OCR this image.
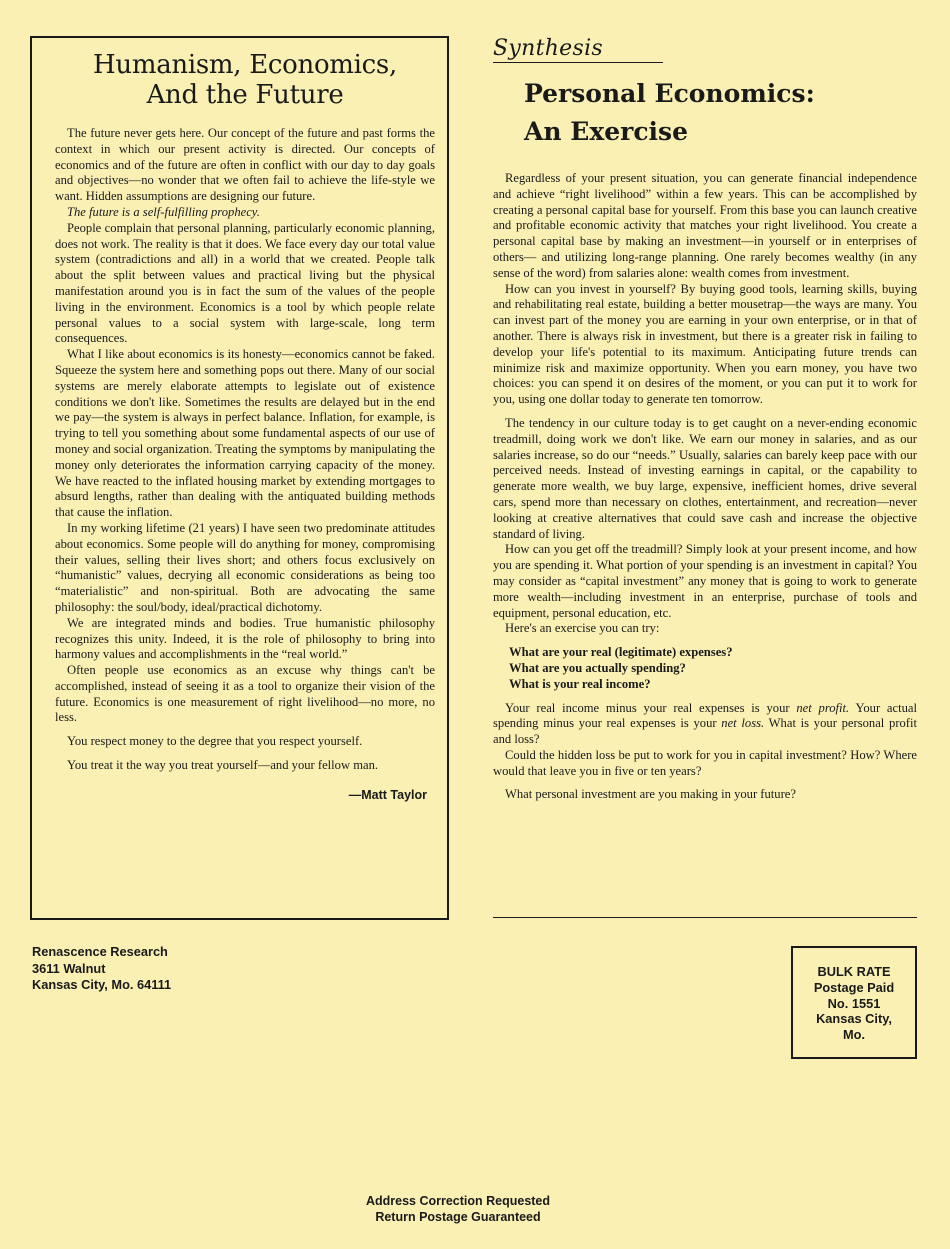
Humanism, Economics,
And the Future

The future never gets here. Our concept of the future and past forms the context in which our present activity is directed. Our concepts of economics and of the future are often in conflict with our day to day goals and objectives—no wonder that we often fail to achieve the life-style we want. Hidden assumptions are designing our future.

The future is a self-fulfilling prophecy.

People complain that personal planning, particularly economic planning, does not work. The reality is that it does. We face every day our total value system (contradictions and all) in a world that we created. People talk about the split between values and practical living but the physical manifestation around you is in fact the sum of the values of the people living in the environment. Economics is a tool by which people relate personal values to a social system with large-scale, long term consequences.

What I like about economics is its honesty—economics cannot be faked. Squeeze the system here and something pops out there. Many of our social systems are merely elaborate attempts to legislate out of existence conditions we don't like. Sometimes the results are delayed but in the end we pay—the system is always in perfect balance. Inflation, for example, is trying to tell you something about some fundamental aspects of our use of money and social organization. Treating the symptoms by manipulating the money only deteriorates the information carrying capacity of the money. We have reacted to the inflated housing market by extending mortgages to absurd lengths, rather than dealing with the antiquated building methods that cause the inflation.

In my working lifetime (21 years) I have seen two predominate attitudes about economics. Some people will do anything for money, compromising their values, selling their lives short; and others focus exclusively on “humanistic” values, decrying all economic considerations as being too “materialistic” and non-spiritual. Both are advocating the same philosophy: the soul/body, ideal/practical dichotomy.

We are integrated minds and bodies. True humanistic philosophy recognizes this unity. Indeed, it is the role of philosophy to bring into harmony values and accomplishments in the “real world.”

Often people use economics as an excuse why things can't be accomplished, instead of seeing it as a tool to organize their vision of the future. Economics is one measurement of right livelihood—no more, no less.

You respect money to the degree that you respect yourself.

You treat it the way you treat yourself—and your fellow man.

—Matt Taylor
Synthesis
Personal Economics:
An Exercise

Regardless of your present situation, you can generate financial independence and achieve “right livelihood” within a few years. This can be accomplished by creating a personal capital base for yourself. From this base you can launch creative and profitable economic activity that matches your right livelihood. You create a personal capital base by making an investment—in yourself or in enterprises of others— and utilizing long-range planning. One rarely becomes wealthy (in any sense of the word) from salaries alone: wealth comes from investment.

How can you invest in yourself? By buying good tools, learning skills, buying and rehabilitating real estate, building a better mousetrap—the ways are many. You can invest part of the money you are earning in your own enterprise, or in that of another. There is always risk in investment, but there is a greater risk in failing to develop your life's potential to its maximum. Anticipating future trends can minimize risk and maximize opportunity. When you earn money, you have two choices: you can spend it on desires of the moment, or you can put it to work for you, using one dollar today to generate ten tomorrow.

The tendency in our culture today is to get caught on a never-ending economic treadmill, doing work we don't like. We earn our money in salaries, and as our salaries increase, so do our “needs.” Usually, salaries can barely keep pace with our perceived needs. Instead of investing earnings in capital, or the capability to generate more wealth, we buy large, expensive, inefficient homes, drive several cars, spend more than necessary on clothes, entertainment, and recreation—never looking at creative alternatives that could save cash and increase the objective standard of living.

How can you get off the treadmill? Simply look at your present income, and how you are spending it. What portion of your spending is an investment in capital? You may consider as “capital investment” any money that is going to work to generate more wealth—including investment in an enterprise, purchase of tools and equipment, personal education, etc.

Here's an exercise you can try:

What are your real (legitimate) expenses?

What are you actually spending?

What is your real income?

Your real income minus your real expenses is your net profit. Your actual spending minus your real expenses is your net loss. What is your personal profit and loss?

Could the hidden loss be put to work for you in capital investment? How? Where would that leave you in five or ten years?

What personal investment are you making in your future?

Renascence Research
3611 Walnut
Kansas City, Mo. 64111
BULK RATE
Postage Paid
No. 1551
Kansas City,
Mo.
Address Correction Requested
Return Postage Guaranteed
